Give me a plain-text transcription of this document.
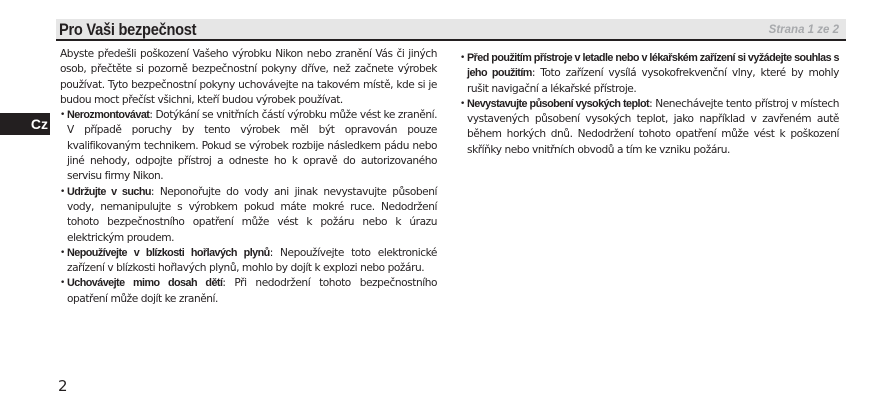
Pro Vaši bezpečnost	Strana 1 ze 2
Cz

Abyste předešli poškození Vašeho výrobku Nikon nebo zranění Vás či jiných osob, přečtěte si pozorně bezpečnostní pokyny dříve, než začnete výrobek používat. Tyto bezpečnostní pokyny uchovávejte na takovém místě, kde si je budou moct přečíst všichni, kteří budou výrobek používat.

• Nerozmontovávat: Dotýkání se vnitřních částí výrobku může vést ke zranění. V případě poruchy by tento výrobek měl být opravován pouze kvalifikovaným technikem. Pokud se výrobek rozbije následkem pádu nebo jiné nehody, odpojte přístroj a odneste ho k opravě do autorizovaného servisu firmy Nikon.

• Udržujte v suchu: Neponořujte do vody ani jinak nevystavujte působení vody, nemanipulujte s výrobkem pokud máte mokré ruce. Nedodržení tohoto bezpečnostního opatření může vést k požáru nebo k úrazu elektrickým proudem.

• Nepoužívejte v blízkosti hořlavých plynů: Nepoužívejte toto elektronické zařízení v blízkosti hořlavých plynů, mohlo by dojít k explozi nebo požáru.

• Uchovávejte mimo dosah dětí: Při nedodržení tohoto bezpečnostního opatření může dojít ke zranění.

• Před použitím přístroje v letadle nebo v lékařském zařízení si vyžádejte souhlas s jeho použitím: Toto zařízení vysílá vysokofrekvenční vlny, které by mohly rušit navigační a lékařské přístroje.

• Nevystavujte působení vysokých teplot: Nenechávejte tento přístroj v místech vystavených působení vysokých teplot, jako například v zavřeném autě během horkých dnů. Nedodržení tohoto opatření může vést k poškození skříňky nebo vnitřních obvodů a tím ke vzniku požáru.

2
